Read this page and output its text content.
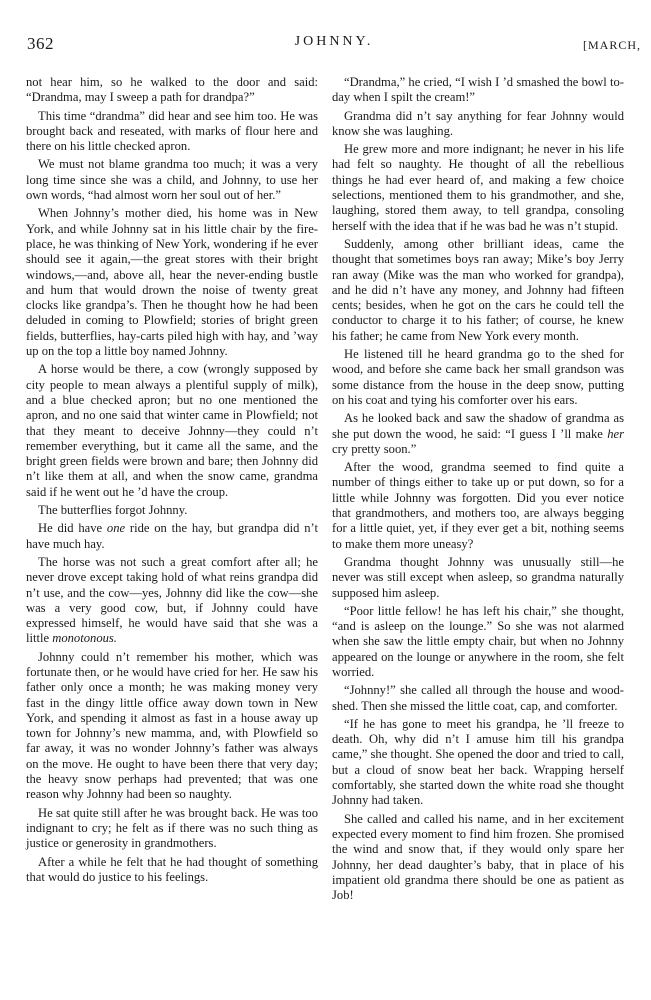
362	JOHNNY.	[MARCH,

not hear him, so he walked to the door and said: “Drandma, may I sweep a path for drandpa?”

This time “drandma” did hear and see him too. He was brought back and reseated, with marks of flour here and there on his little checked apron.

We must not blame grandma too much; it was a very long time since she was a child, and Johnny, to use her own words, “had almost worn her soul out of her.”

When Johnny’s mother died, his home was in New York, and while Johnny sat in his little chair by the fire-place, he was thinking of New York, wondering if he ever should see it again,—the great stores with their bright windows,—and, above all, hear the never-ending bustle and hum that would drown the noise of twenty great clocks like grandpa’s. Then he thought how he had been deluded in coming to Plowfield; stories of bright green fields, butterflies, hay-carts piled high with hay, and ’way up on the top a little boy named Johnny.

A horse would be there, a cow (wrongly supposed by city people to mean always a plentiful supply of milk), and a blue checked apron; but no one mentioned the apron, and no one said that winter came in Plowfield; not that they meant to deceive Johnny—they could n’t remember everything, but it came all the same, and the bright green fields were brown and bare; then Johnny did n’t like them at all, and when the snow came, grandma said if he went out he ’d have the croup.

The butterflies forgot Johnny.

He did have one ride on the hay, but grandpa did n’t have much hay.

The horse was not such a great comfort after all; he never drove except taking hold of what reins grandpa did n’t use, and the cow—yes, Johnny did like the cow—she was a very good cow, but, if Johnny could have expressed himself, he would have said that she was a little monotonous.

Johnny could n’t remember his mother, which was fortunate then, or he would have cried for her. He saw his father only once a month; he was making money very fast in the dingy little office away down town in New York, and spending it almost as fast in a house away up town for Johnny’s new mamma, and, with Plowfield so far away, it was no wonder Johnny’s father was always on the move. He ought to have been there that very day; the heavy snow perhaps had prevented; that was one reason why Johnny had been so naughty.

He sat quite still after he was brought back. He was too indignant to cry; he felt as if there was no such thing as justice or generosity in grandmothers.

After a while he felt that he had thought of something that would do justice to his feelings.

“Drandma,” he cried, “I wish I ’d smashed the bowl to-day when I spilt the cream!”

Grandma did n’t say anything for fear Johnny would know she was laughing.

He grew more and more indignant; he never in his life had felt so naughty. He thought of all the rebellious things he had ever heard of, and making a few choice selections, mentioned them to his grandmother, and she, laughing, stored them away, to tell grandpa, consoling herself with the idea that if he was bad he was n’t stupid.

Suddenly, among other brilliant ideas, came the thought that sometimes boys ran away; Mike’s boy Jerry ran away (Mike was the man who worked for grandpa), and he did n’t have any money, and Johnny had fifteen cents; besides, when he got on the cars he could tell the conductor to charge it to his father; of course, he knew his father; he came from New York every month.

He listened till he heard grandma go to the shed for wood, and before she came back her small grandson was some distance from the house in the deep snow, putting on his coat and tying his comforter over his ears.

As he looked back and saw the shadow of grandma as she put down the wood, he said: “I guess I ’ll make her cry pretty soon.”

After the wood, grandma seemed to find quite a number of things either to take up or put down, so for a little while Johnny was forgotten. Did you ever notice that grandmothers, and mothers too, are always begging for a little quiet, yet, if they ever get a bit, nothing seems to make them more uneasy?

Grandma thought Johnny was unusually still—he never was still except when asleep, so grandma naturally supposed him asleep.

“Poor little fellow! he has left his chair,” she thought, “and is asleep on the lounge.” So she was not alarmed when she saw the little empty chair, but when no Johnny appeared on the lounge or anywhere in the room, she felt worried.

“Johnny!” she called all through the house and wood-shed. Then she missed the little coat, cap, and comforter.

“If he has gone to meet his grandpa, he ’ll freeze to death. Oh, why did n’t I amuse him till his grandpa came,” she thought. She opened the door and tried to call, but a cloud of snow beat her back. Wrapping herself comfortably, she started down the white road she thought Johnny had taken.

She called and called his name, and in her excitement expected every moment to find him frozen. She promised the wind and snow that, if they would only spare her Johnny, her dead daughter’s baby, that in place of his impatient old grandma there should be one as patient as Job!
